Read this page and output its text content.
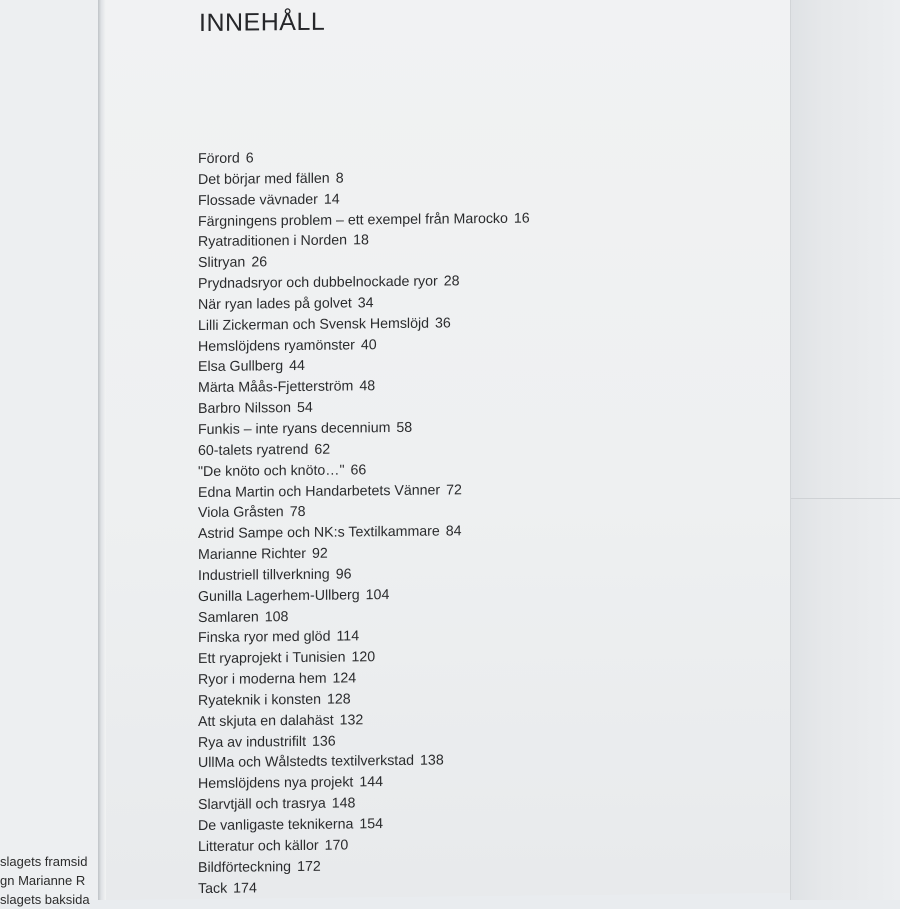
slagets framsid
gn Marianne R
slagets baksida
INNEHÅLL
Förord 6
Det börjar med fällen 8
Flossade vävnader 14
Färgningens problem – ett exempel från Marocko 16
Ryatraditionen i Norden 18
Slitryan 26
Prydnadsryor och dubbelnockade ryor 28
När ryan lades på golvet 34
Lilli Zickerman och Svensk Hemslöjd 36
Hemslöjdens ryamönster 40
Elsa Gullberg 44
Märta Måås-Fjetterström 48
Barbro Nilsson 54
Funkis – inte ryans decennium 58
60-talets ryatrend 62
"De knöto och knöto…" 66
Edna Martin och Handarbetets Vänner 72
Viola Gråsten 78
Astrid Sampe och NK:s Textilkammare 84
Marianne Richter 92
Industriell tillverkning 96
Gunilla Lagerhem-Ullberg 104
Samlaren 108
Finska ryor med glöd 114
Ett ryaprojekt i Tunisien 120
Ryor i moderna hem 124
Ryateknik i konsten 128
Att skjuta en dalahäst 132
Rya av industrifilt 136
UllMa och Wålstedts textilverkstad 138
Hemslöjdens nya projekt 144
Slarvtjäll och trasrya 148
De vanligaste teknikerna 154
Litteratur och källor 170
Bildförteckning 172
Tack 174
